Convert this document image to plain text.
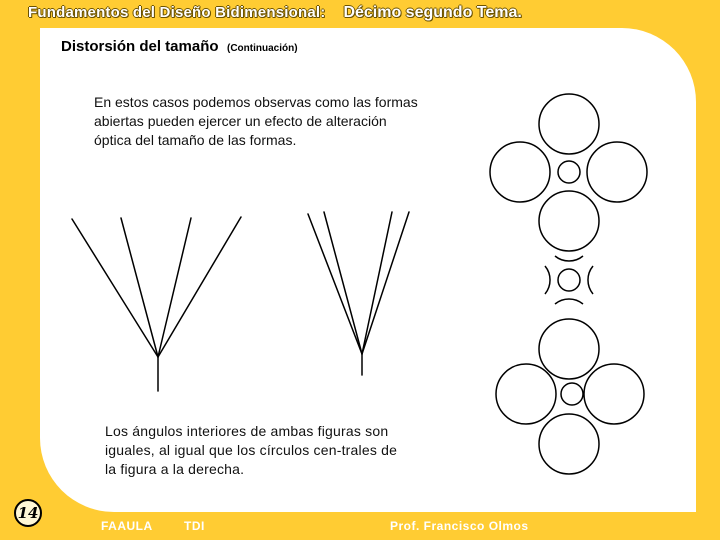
Fundamentos del Diseño Bidimensional: Décimo segundo Tema.
Distorsión del tamaño (Continuación)
En estos casos podemos observas como las formas abiertas pueden ejercer un efecto de alteración óptica del tamaño de las formas.
Los ángulos interiores de ambas figuras son iguales, al igual que los círculos cen-trales de la figura a la derecha.
14
FAAULA	TDI	Prof. Francisco Olmos
